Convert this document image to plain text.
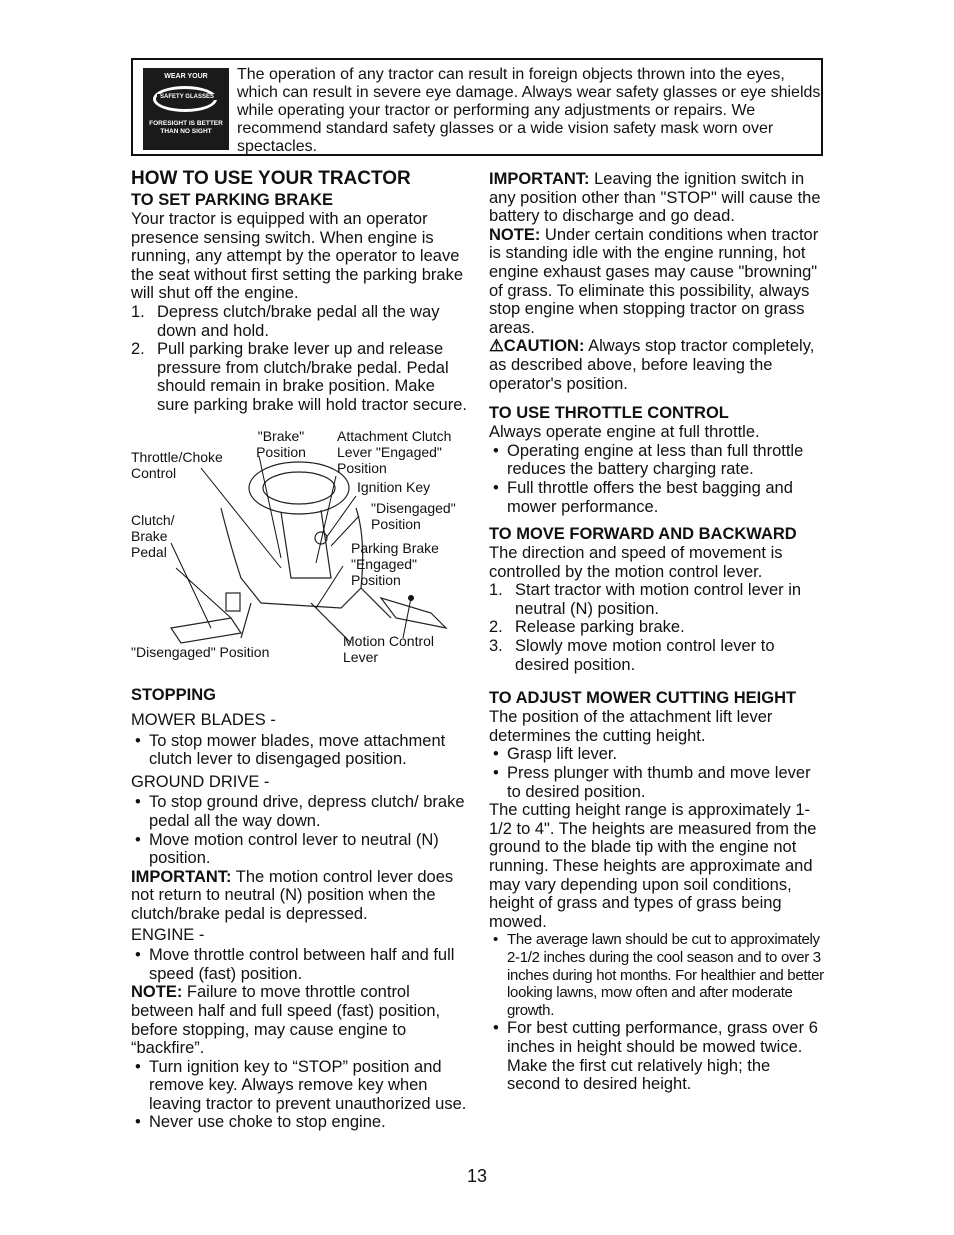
WEAR YOUR
SAFETY GLASSES
FORESIGHT IS BETTER THAN NO SIGHT
The operation of any tractor can result in foreign objects thrown into the eyes, which can result in severe eye damage. Always wear safety glasses or eye shields while operating your tractor or performing any adjustments or repairs. We recommend standard safety glasses or a wide vision safety mask worn over spectacles.

HOW TO USE YOUR TRACTOR

TO SET PARKING BRAKE

Your tractor is equipped with an operator presence sensing switch. When engine is running, any attempt by the operator to leave the seat without first setting the parking brake will shut off the engine.

1. Depress clutch/brake pedal all the way down and hold.
2. Pull parking brake lever up and release pressure from clutch/brake pedal. Pedal should remain in brake position. Make sure parking brake will hold tractor secure.
"Brake" Position
Throttle/Choke Control
Attachment Clutch Lever "Engaged" Position
Ignition Key
"Disengaged" Position
Clutch/ Brake Pedal	Parking Brake "Engaged" Position
"Disengaged" Position
Motion Control Lever

STOPPING

MOWER BLADES -

• To stop mower blades, move attachment clutch lever to disengaged position.

GROUND DRIVE -

• To stop ground drive, depress clutch/ brake pedal all the way down.
• Move motion control lever to neutral (N) position.

IMPORTANT: The motion control lever does not return to neutral (N) position when the clutch/brake pedal is depressed.

ENGINE -

• Move throttle control between half and full speed (fast) position.

NOTE: Failure to move throttle control between half and full speed (fast) position, before stopping, may cause engine to “backfire”.

• Turn ignition key to “STOP” position and remove key. Always remove key when leaving tractor to prevent unauthorized use.
• Never use choke to stop engine.

IMPORTANT: Leaving the ignition switch in any position other than "STOP" will cause the battery to discharge and go dead.

NOTE: Under certain conditions when tractor is standing idle with the engine running, hot engine exhaust gases may cause "browning" of grass. To eliminate this possibility, always stop engine when stopping tractor on grass areas.

⚠CAUTION: Always stop tractor completely, as described above, before leaving the operator's position.

TO USE THROTTLE CONTROL

Always operate engine at full throttle.

• Operating engine at less than full throttle reduces the battery charging rate.
• Full throttle offers the best bagging and mower performance.

TO MOVE FORWARD AND BACKWARD

The direction and speed of movement is controlled by the motion control lever.

1. Start tractor with motion control lever in neutral (N) position.
2. Release parking brake.
3. Slowly move motion control lever to desired position.

TO ADJUST MOWER CUTTING HEIGHT

The position of the attachment lift lever determines the cutting height.

• Grasp lift lever.
• Press plunger with thumb and move lever to desired position.

The cutting height range is approximately 1-1/2 to 4". The heights are measured from the ground to the blade tip with the engine not running. These heights are approximate and may vary depending upon soil conditions, height of grass and types of grass being mowed.

• The average lawn should be cut to approximately 2-1/2 inches during the cool season and to over 3 inches during hot months. For healthier and better looking lawns, mow often and after moderate growth.
• For best cutting performance, grass over 6 inches in height should be mowed twice. Make the first cut relatively high; the second to desired height.
13
